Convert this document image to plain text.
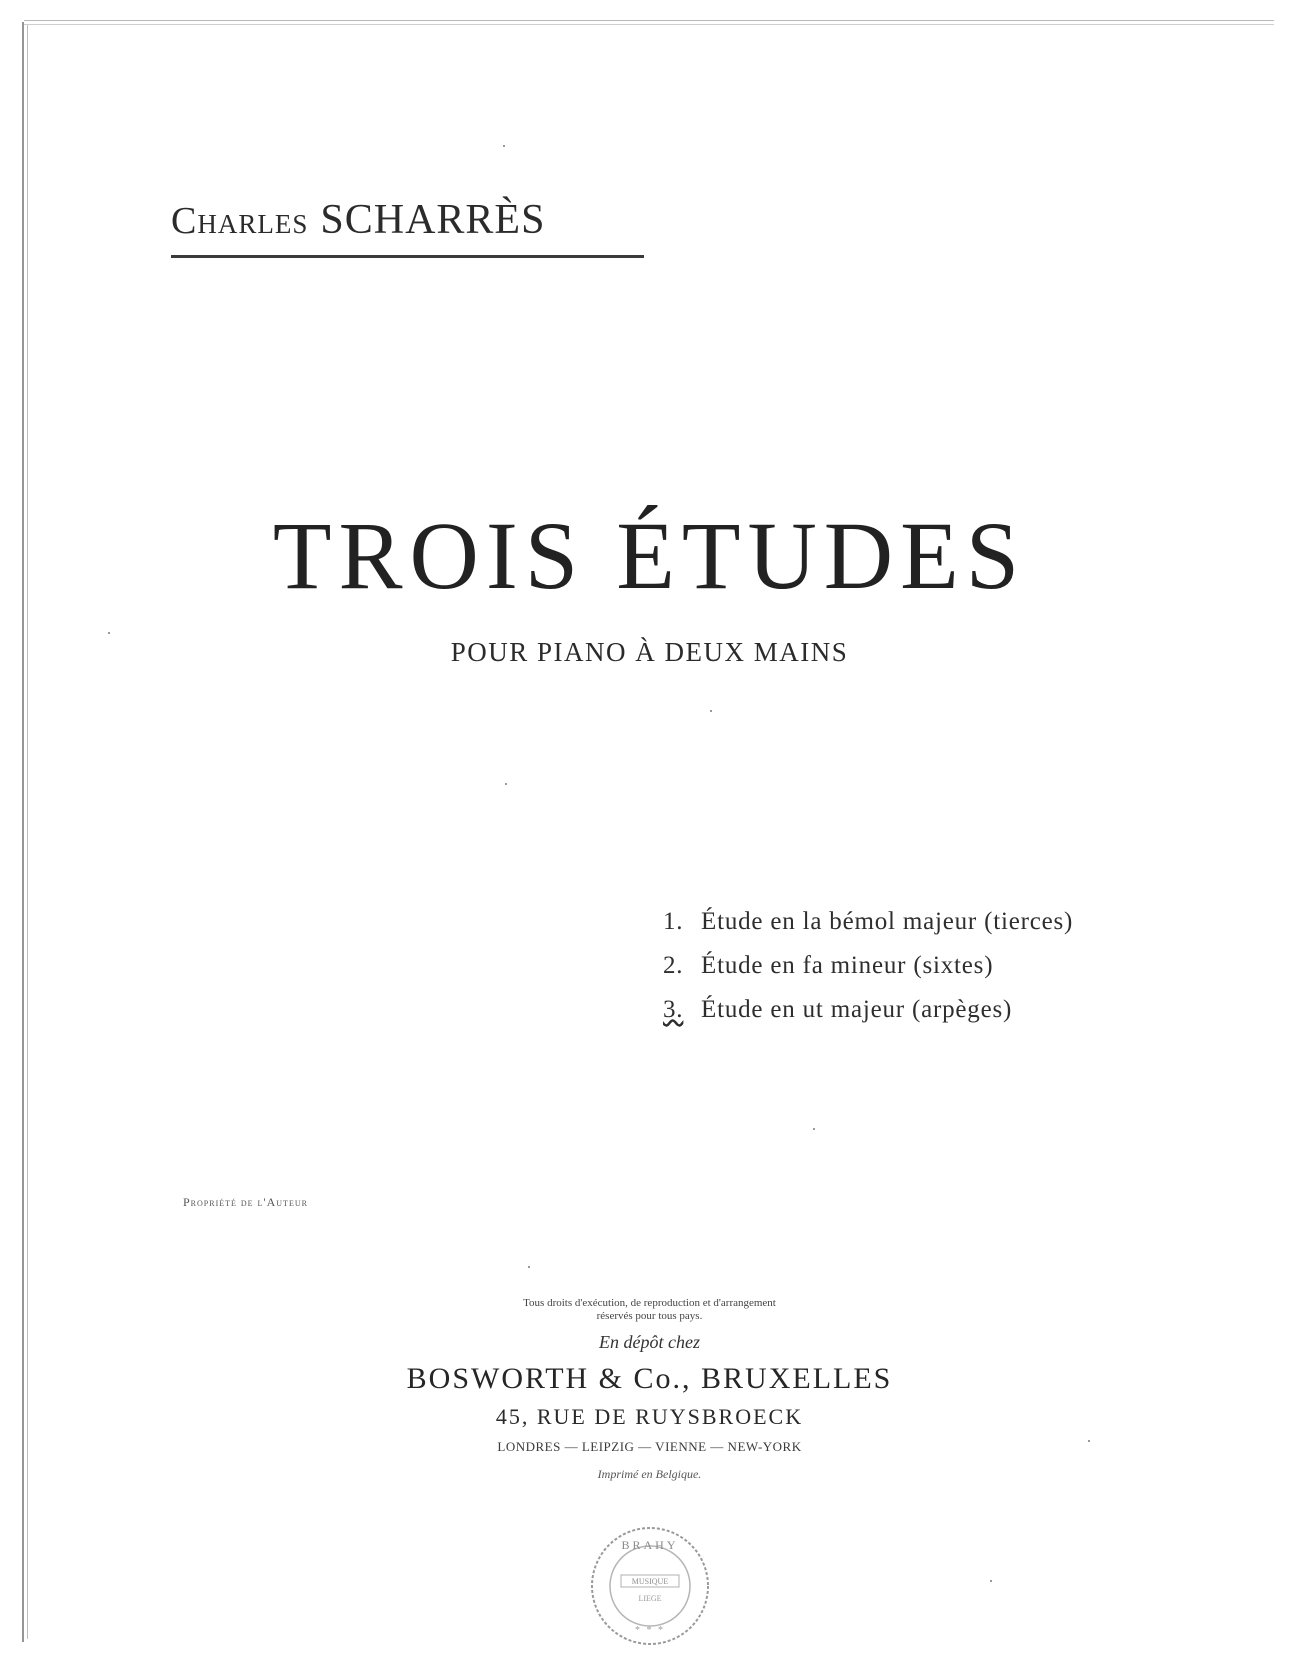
Charles SCHARRÈS
TROIS ÉTUDES
POUR PIANO À DEUX MAINS
1. Étude en la bémol majeur (tierces)
2. Étude en fa mineur (sixtes)
3. Étude en ut majeur (arpèges)
Propriété de l'Auteur
Tous droits d'exécution, de reproduction et d'arrangement
réservés pour tous pays.
En dépôt chez
BOSWORTH & Co., BRUXELLES
45, RUE DE RUYSBROECK
LONDRES — LEIPZIG — VIENNE — NEW-YORK
Imprimé en Belgique.
BRAHY
MUSIQUE
LIEGE
* * *
